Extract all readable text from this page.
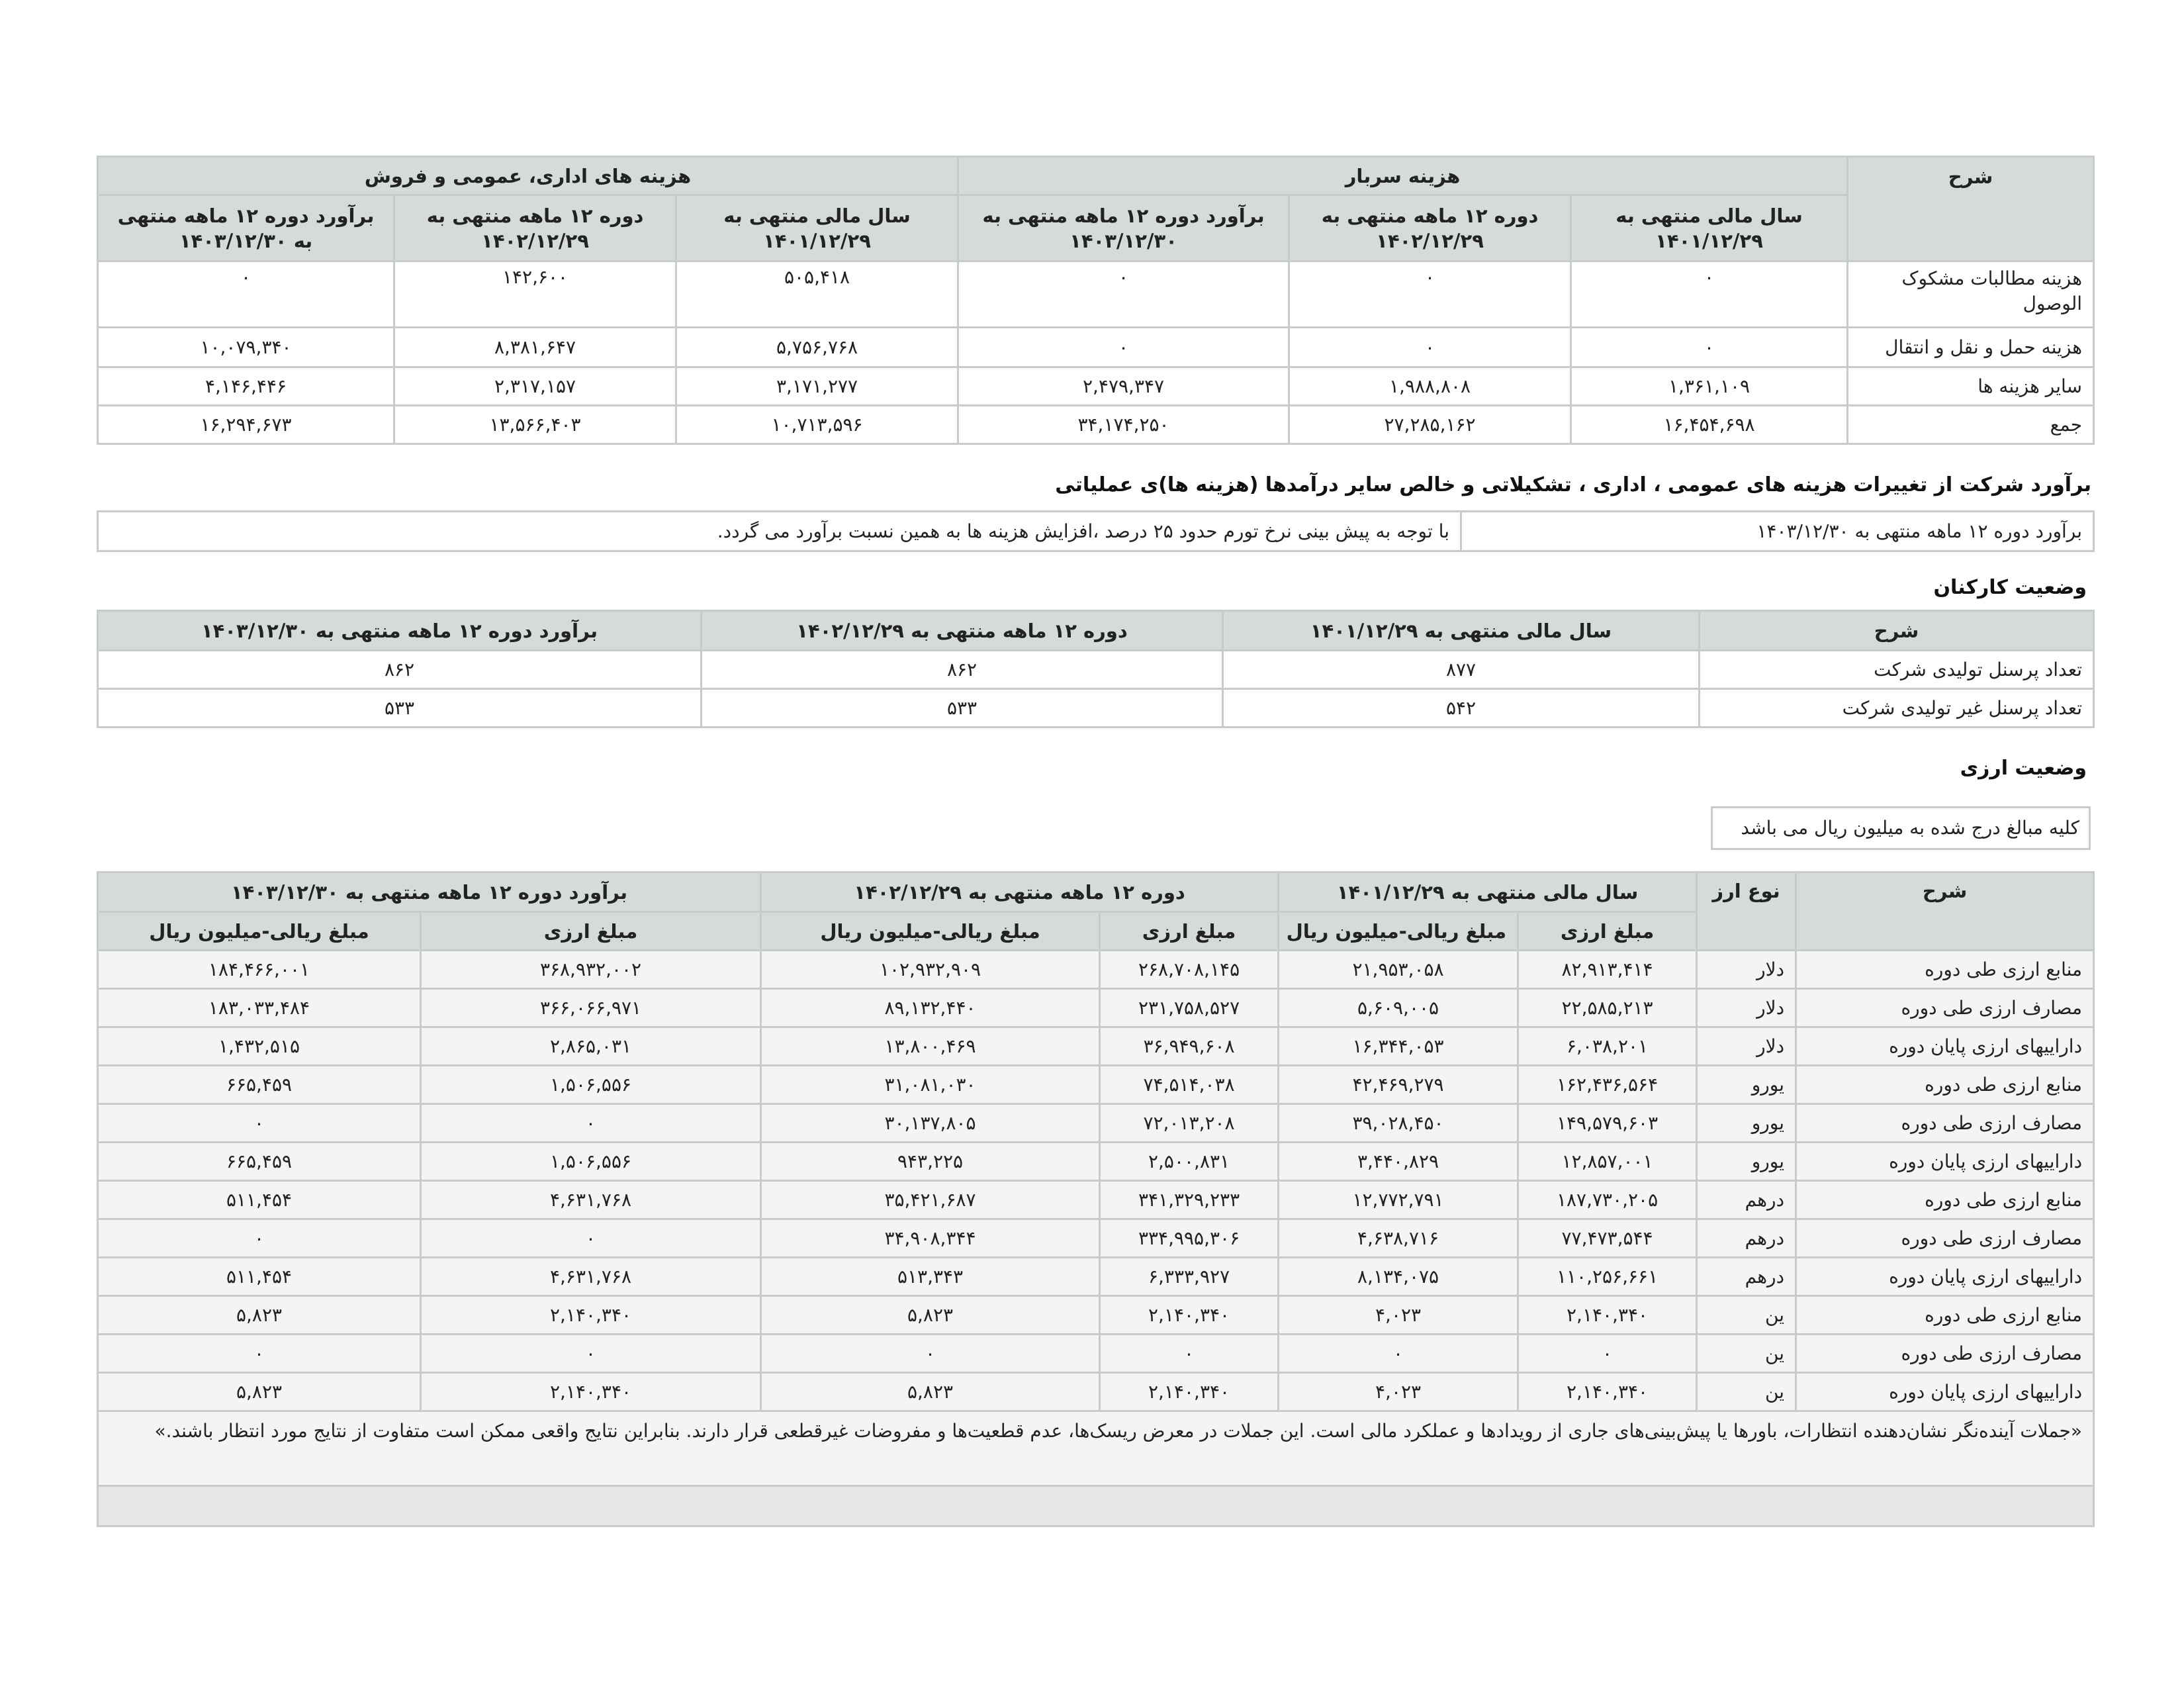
شرح	هزینه سربار			هزینه های اداری، عمومی و فروش		
	سال مالی منتهی به ۱۴۰۱/۱۲/۲۹	دوره ۱۲ ماهه منتهی به ۱۴۰۲/۱۲/۲۹	برآورد دوره ۱۲ ماهه منتهی به ۱۴۰۳/۱۲/۳۰	سال مالی منتهی به ۱۴۰۱/۱۲/۲۹	دوره ۱۲ ماهه منتهی به ۱۴۰۲/۱۲/۲۹	برآورد دوره ۱۲ ماهه منتهی به ۱۴۰۳/۱۲/۳۰
هزینه مطالبات مشکوک الوصول	۰	۰	۰	۵۰۵,۴۱۸	۱۴۲,۶۰۰	۰
هزینه حمل و نقل و انتقال	۰	۰	۰	۵,۷۵۶,۷۶۸	۸,۳۸۱,۶۴۷	۱۰,۰۷۹,۳۴۰
سایر هزینه ها	۱,۳۶۱,۱۰۹	۱,۹۸۸,۸۰۸	۲,۴۷۹,۳۴۷	۳,۱۷۱,۲۷۷	۲,۳۱۷,۱۵۷	۴,۱۴۶,۴۴۶
جمع	۱۶,۴۵۴,۶۹۸	۲۷,۲۸۵,۱۶۲	۳۴,۱۷۴,۲۵۰	۱۰,۷۱۳,۵۹۶	۱۳,۵۶۶,۴۰۳	۱۶,۲۹۴,۶۷۳
برآورد شرکت از تغییرات هزینه های عمومی ، اداری ، تشکیلاتی و خالص سایر درآمدها (هزینه ها)ی عملیاتی
برآورد دوره ۱۲ ماهه منتهی به ۱۴۰۳/۱۲/۳۰	با توجه به پیش بینی نرخ تورم حدود ۲۵ درصد ،افزایش هزینه ها به همین نسبت برآورد می گردد.
وضعیت کارکنان
شرح	سال مالی منتهی به ۱۴۰۱/۱۲/۲۹	دوره ۱۲ ماهه منتهی به ۱۴۰۲/۱۲/۲۹	برآورد دوره ۱۲ ماهه منتهی به ۱۴۰۳/۱۲/۳۰
تعداد پرسنل تولیدی شرکت	۸۷۷	۸۶۲	۸۶۲
تعداد پرسنل غیر تولیدی شرکت	۵۴۲	۵۳۳	۵۳۳
وضعیت ارزی
کلیه مبالغ درج شده به میلیون ریال می باشد
شرح	نوع ارز	سال مالی منتهی به ۱۴۰۱/۱۲/۲۹		دوره ۱۲ ماهه منتهی به ۱۴۰۲/۱۲/۲۹		برآورد دوره ۱۲ ماهه منتهی به ۱۴۰۳/۱۲/۳۰	
		مبلغ ارزی	مبلغ ریالی-میلیون ریال	مبلغ ارزی	مبلغ ریالی-میلیون ریال	مبلغ ارزی	مبلغ ریالی-میلیون ریال
منابع ارزی طی دوره	دلار	۸۲,۹۱۳,۴۱۴	۲۱,۹۵۳,۰۵۸	۲۶۸,۷۰۸,۱۴۵	۱۰۲,۹۳۲,۹۰۹	۳۶۸,۹۳۲,۰۰۲	۱۸۴,۴۶۶,۰۰۱
مصارف ارزی طی دوره	دلار	۲۲,۵۸۵,۲۱۳	۵,۶۰۹,۰۰۵	۲۳۱,۷۵۸,۵۲۷	۸۹,۱۳۲,۴۴۰	۳۶۶,۰۶۶,۹۷۱	۱۸۳,۰۳۳,۴۸۴
داراییهای ارزی پایان دوره	دلار	۶,۰۳۸,۲۰۱	۱۶,۳۴۴,۰۵۳	۳۶,۹۴۹,۶۰۸	۱۳,۸۰۰,۴۶۹	۲,۸۶۵,۰۳۱	۱,۴۳۲,۵۱۵
منابع ارزی طی دوره	یورو	۱۶۲,۴۳۶,۵۶۴	۴۲,۴۶۹,۲۷۹	۷۴,۵۱۴,۰۳۸	۳۱,۰۸۱,۰۳۰	۱,۵۰۶,۵۵۶	۶۶۵,۴۵۹
مصارف ارزی طی دوره	یورو	۱۴۹,۵۷۹,۶۰۳	۳۹,۰۲۸,۴۵۰	۷۲,۰۱۳,۲۰۸	۳۰,۱۳۷,۸۰۵	۰	۰
داراییهای ارزی پایان دوره	یورو	۱۲,۸۵۷,۰۰۱	۳,۴۴۰,۸۲۹	۲,۵۰۰,۸۳۱	۹۴۳,۲۲۵	۱,۵۰۶,۵۵۶	۶۶۵,۴۵۹
منابع ارزی طی دوره	درهم	۱۸۷,۷۳۰,۲۰۵	۱۲,۷۷۲,۷۹۱	۳۴۱,۳۲۹,۲۳۳	۳۵,۴۲۱,۶۸۷	۴,۶۳۱,۷۶۸	۵۱۱,۴۵۴
مصارف ارزی طی دوره	درهم	۷۷,۴۷۳,۵۴۴	۴,۶۳۸,۷۱۶	۳۳۴,۹۹۵,۳۰۶	۳۴,۹۰۸,۳۴۴	۰	۰
داراییهای ارزی پایان دوره	درهم	۱۱۰,۲۵۶,۶۶۱	۸,۱۳۴,۰۷۵	۶,۳۳۳,۹۲۷	۵۱۳,۳۴۳	۴,۶۳۱,۷۶۸	۵۱۱,۴۵۴
منابع ارزی طی دوره	ین	۲,۱۴۰,۳۴۰	۴,۰۲۳	۲,۱۴۰,۳۴۰	۵,۸۲۳	۲,۱۴۰,۳۴۰	۵,۸۲۳
مصارف ارزی طی دوره	ین	۰	۰	۰	۰	۰	۰
داراییهای ارزی پایان دوره	ین	۲,۱۴۰,۳۴۰	۴,۰۲۳	۲,۱۴۰,۳۴۰	۵,۸۲۳	۲,۱۴۰,۳۴۰	۵,۸۲۳
«جملات آینده‌نگر نشان‌دهنده انتظارات، باورها یا پیش‌بینی‌های جاری از رویدادها و عملکرد مالی است. این جملات در معرض ریسک‌ها، عدم قطعیت‌ها و مفروضات غیرقطعی قرار دارند. بنابراین نتایج واقعی ممکن است متفاوت از نتایج مورد انتظار باشند.»							
